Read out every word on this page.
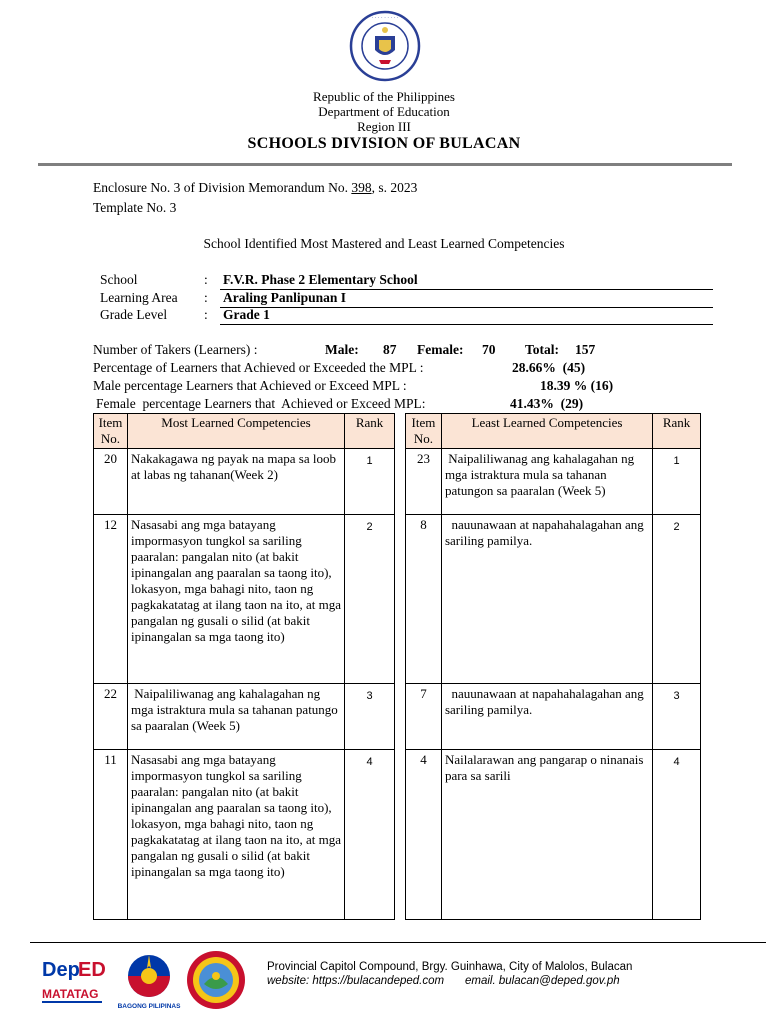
· · · · · · · · ·
Republic of the Philippines
Department of Education
Region III
SCHOOLS DIVISION OF BULACAN
Enclosure No. 3 of Division Memorandum No. 398, s. 2023
Template No. 3
School Identified Most Mastered and Least Learned Competencies
School	: F.V.R. Phase 2 Elementary School
Learning Area : Araling Panlipunan I
Grade Level	: Grade 1
Number of Takers (Learners) :	Male: 87 Female: 70 Total: 157
Percentage of Learners that Achieved or Exceeded the MPL :	28.66%  (45)
Male percentage Learners that Achieved or Exceed MPL :	18.39 % (16)
Female  percentage Learners that  Achieved or Exceed MPL:	41.43%  (29)
Item No.	Most Learned Competencies	Rank
20	Nakakagawa ng payak na mapa sa loob at labas ng tahanan(Week 2)	1
12	Nasasabi ang mga batayang impormasyon tungkol sa sariling paaralan: pangalan nito (at bakit ipinangalan ang paaralan sa taong ito), lokasyon, mga bahagi nito, taon ng pagkakatatag at ilang taon na ito, at mga pangalan ng gusali o silid (at bakit ipinangalan sa mga taong ito)	2
22	Naipaliliwanag ang kahalagahan ng mga istraktura mula sa tahanan patungo sa paaralan (Week 5)	3
11	Nasasabi ang mga batayang impormasyon tungkol sa sariling paaralan: pangalan nito (at bakit ipinangalan ang paaralan sa taong ito), lokasyon, mga bahagi nito, taon ng pagkakatatag at ilang taon na ito, at mga pangalan ng gusali o silid (at bakit ipinangalan sa mga taong ito)	4
Item No.	Least Learned Competencies	Rank
23	Naipaliliwanag ang kahalagahan ng mga istraktura mula sa tahanan patungon sa paaralan (Week 5)	1
8	nauunawaan at napahahalagahan ang sariling pamilya.	2
7	nauunawaan at napahahalagahan ang sariling pamilya.	3
4	Nailalarawan ang pangarap o ninanais para sa sarili	4
Dep
ED
MATATAG
BAGONG PILIPINAS
Provincial Capitol Compound, Brgy. Guinhawa, City of Malolos, Bulacan
website: https://bulacandeped.com email. bulacan@deped.gov.ph
